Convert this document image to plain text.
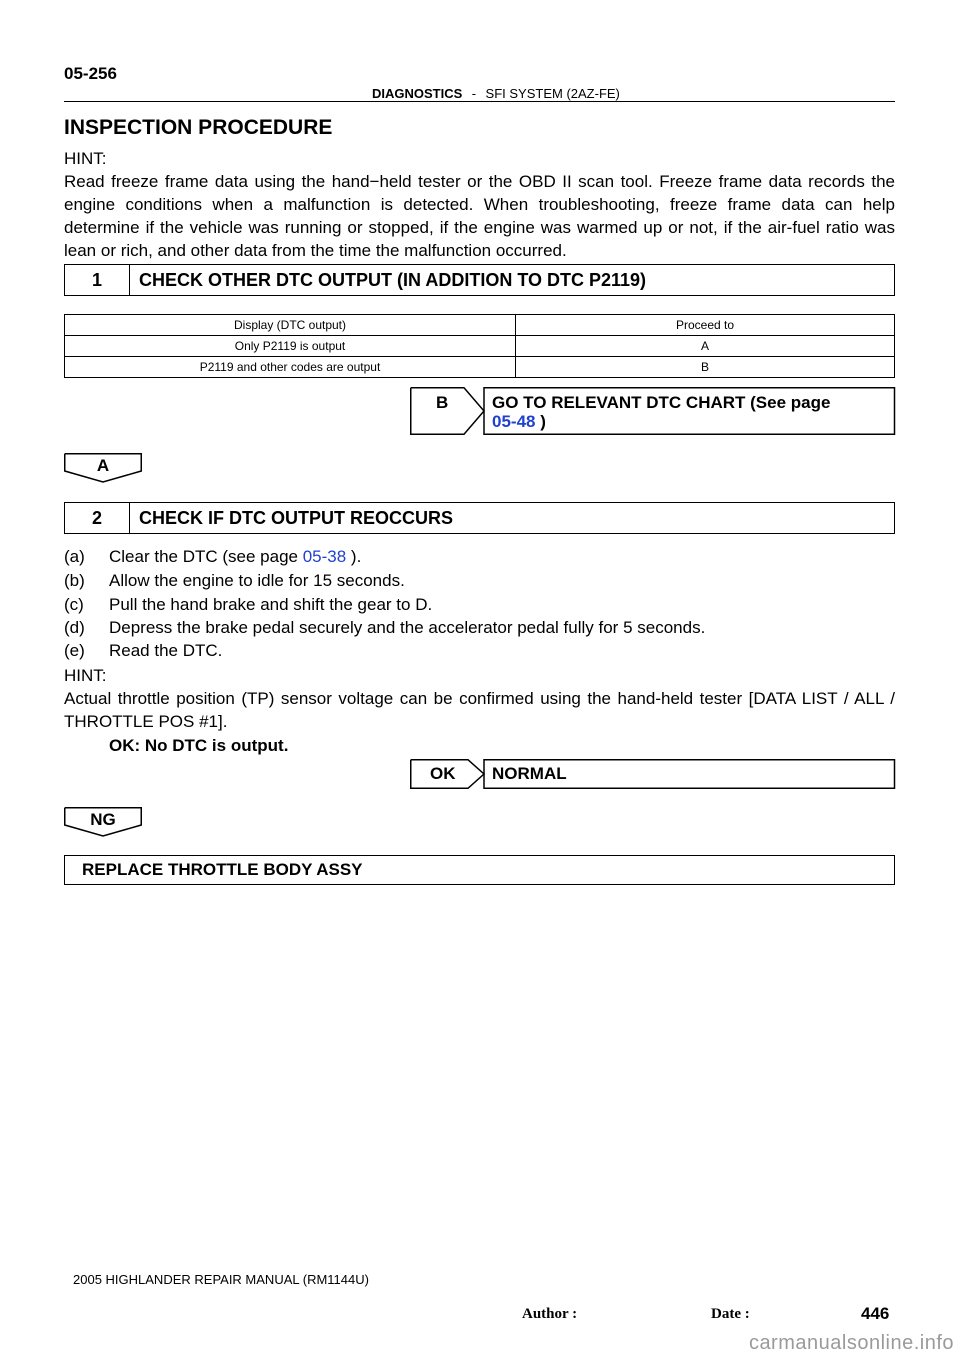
05-256
DIAGNOSTICS - SFI SYSTEM (2AZ-FE)
INSPECTION PROCEDURE
HINT:
Read freeze frame data using the hand−held tester or the OBD II scan tool. Freeze frame data records the engine conditions when a malfunction is detected. When troubleshooting, freeze frame data can help determine if the vehicle was running or stopped, if the engine was warmed up or not, if the air-fuel ratio was lean or rich, and other data from the time the malfunction occurred.
1	CHECK OTHER DTC OUTPUT (IN ADDITION TO DTC P2119)
Display (DTC output)	Proceed to
Only P2119 is output	A
P2119 and other codes are output	B
B	GO TO RELEVANT DTC CHART (See page
05-48 )
A
2	CHECK IF DTC OUTPUT REOCCURS
(a) Clear the DTC (see page 05-38 ).
(b) Allow the engine to idle for 15 seconds.
(c) Pull the hand brake and shift the gear to D.
(d) Depress the brake pedal securely and the accelerator pedal fully for 5 seconds.
(e) Read the DTC.
HINT:
Actual throttle position (TP) sensor voltage can be confirmed using the hand-held tester [DATA LIST / ALL / THROTTLE POS #1].
OK: No DTC is output.
OK NORMAL
NG
REPLACE THROTTLE BODY ASSY
2005 HIGHLANDER REPAIR MANUAL (RM1144U)
Author :	Date :	446
carmanualsonline.info
